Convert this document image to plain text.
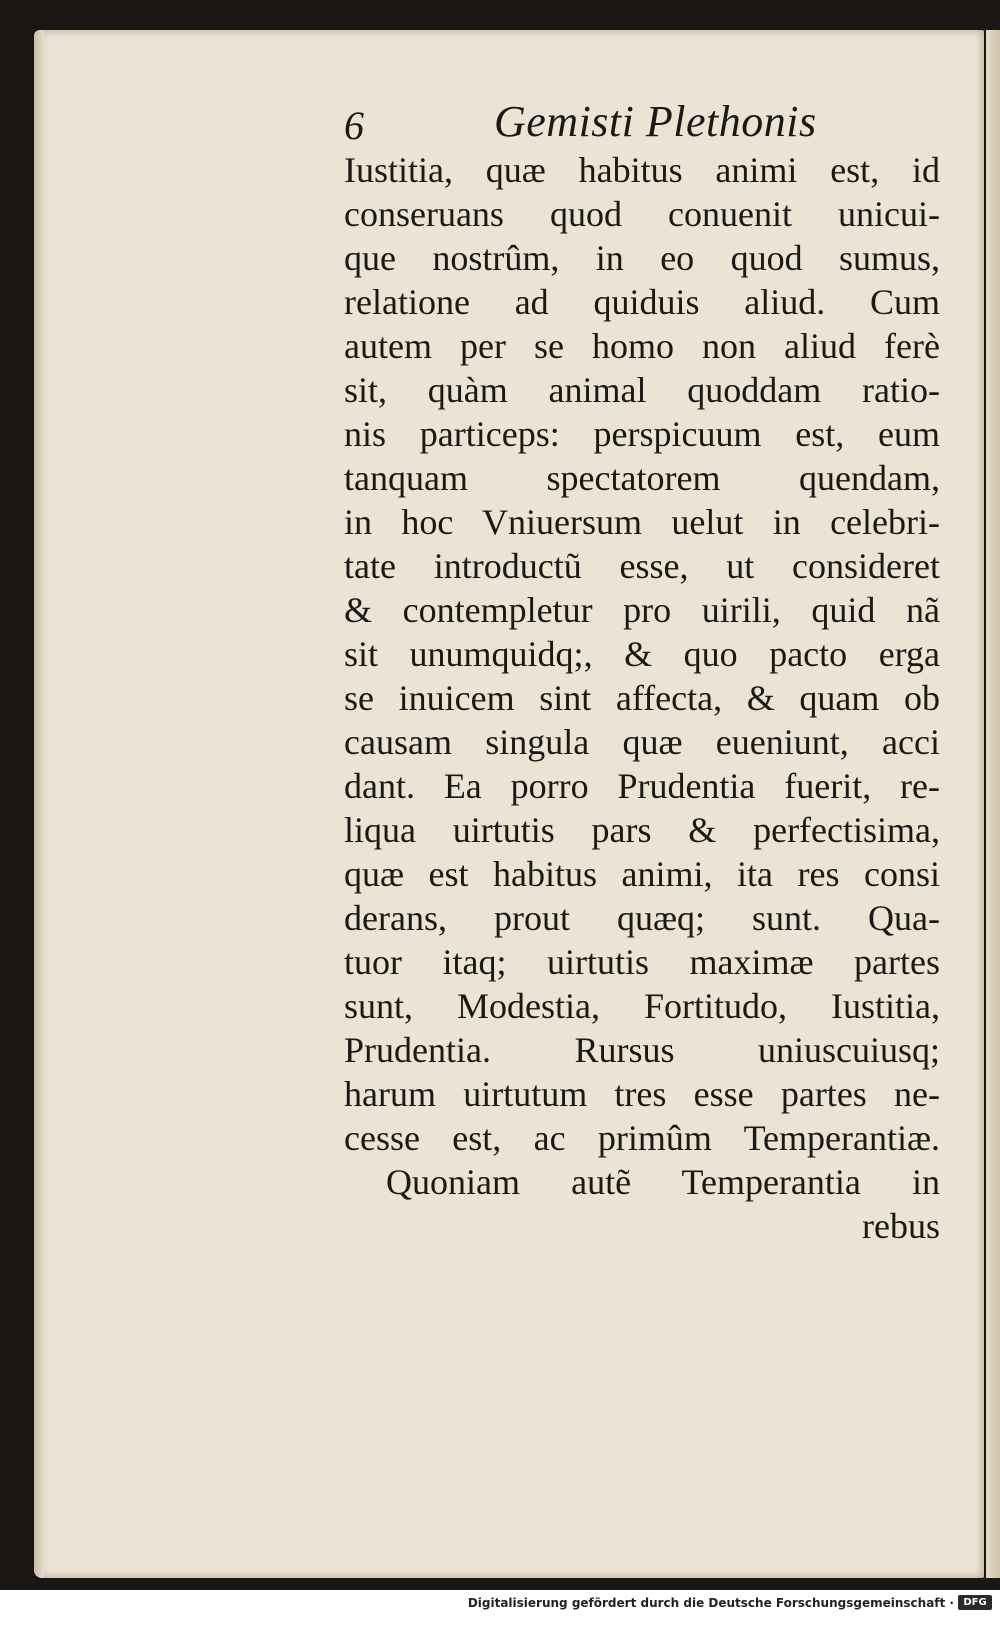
6	Gemisti Plethonis
Iustitia, quæ habitus animi est, id
conseruans quod conuenit unicui-
que nostrûm, in eo quod sumus,
relatione ad quiduis aliud. Cum
autem per se homo non aliud ferè
sit, quàm animal quoddam ratio-
nis particeps: perspicuum est, eum
tanquam spectatorem quendam,
in hoc Vniuersum uelut in celebri-
tate introductũ esse, ut consideret
& contempletur pro uirili, quid nã
sit unumquidq;, & quo pacto erga
se inuicem sint affecta, & quam ob
causam singula quæ eueniunt, acci
dant. Ea porro Prudentia fuerit, re-
liqua uirtutis pars & perfectisima,
quæ est habitus animi, ita res consi
derans, prout quæq; sunt. Qua-
tuor itaq; uirtutis maximæ partes
sunt, Modestia, Fortitudo, Iustitia,
Prudentia. Rursus uniuscuiusq;
harum uirtutum tres esse partes ne-
cesse est, ac primûm Temperantiæ.
Quoniam autẽ Temperantia in
rebus
Digitalisierung gefördert durch die Deutsche Forschungsgemeinschaft · DFG
